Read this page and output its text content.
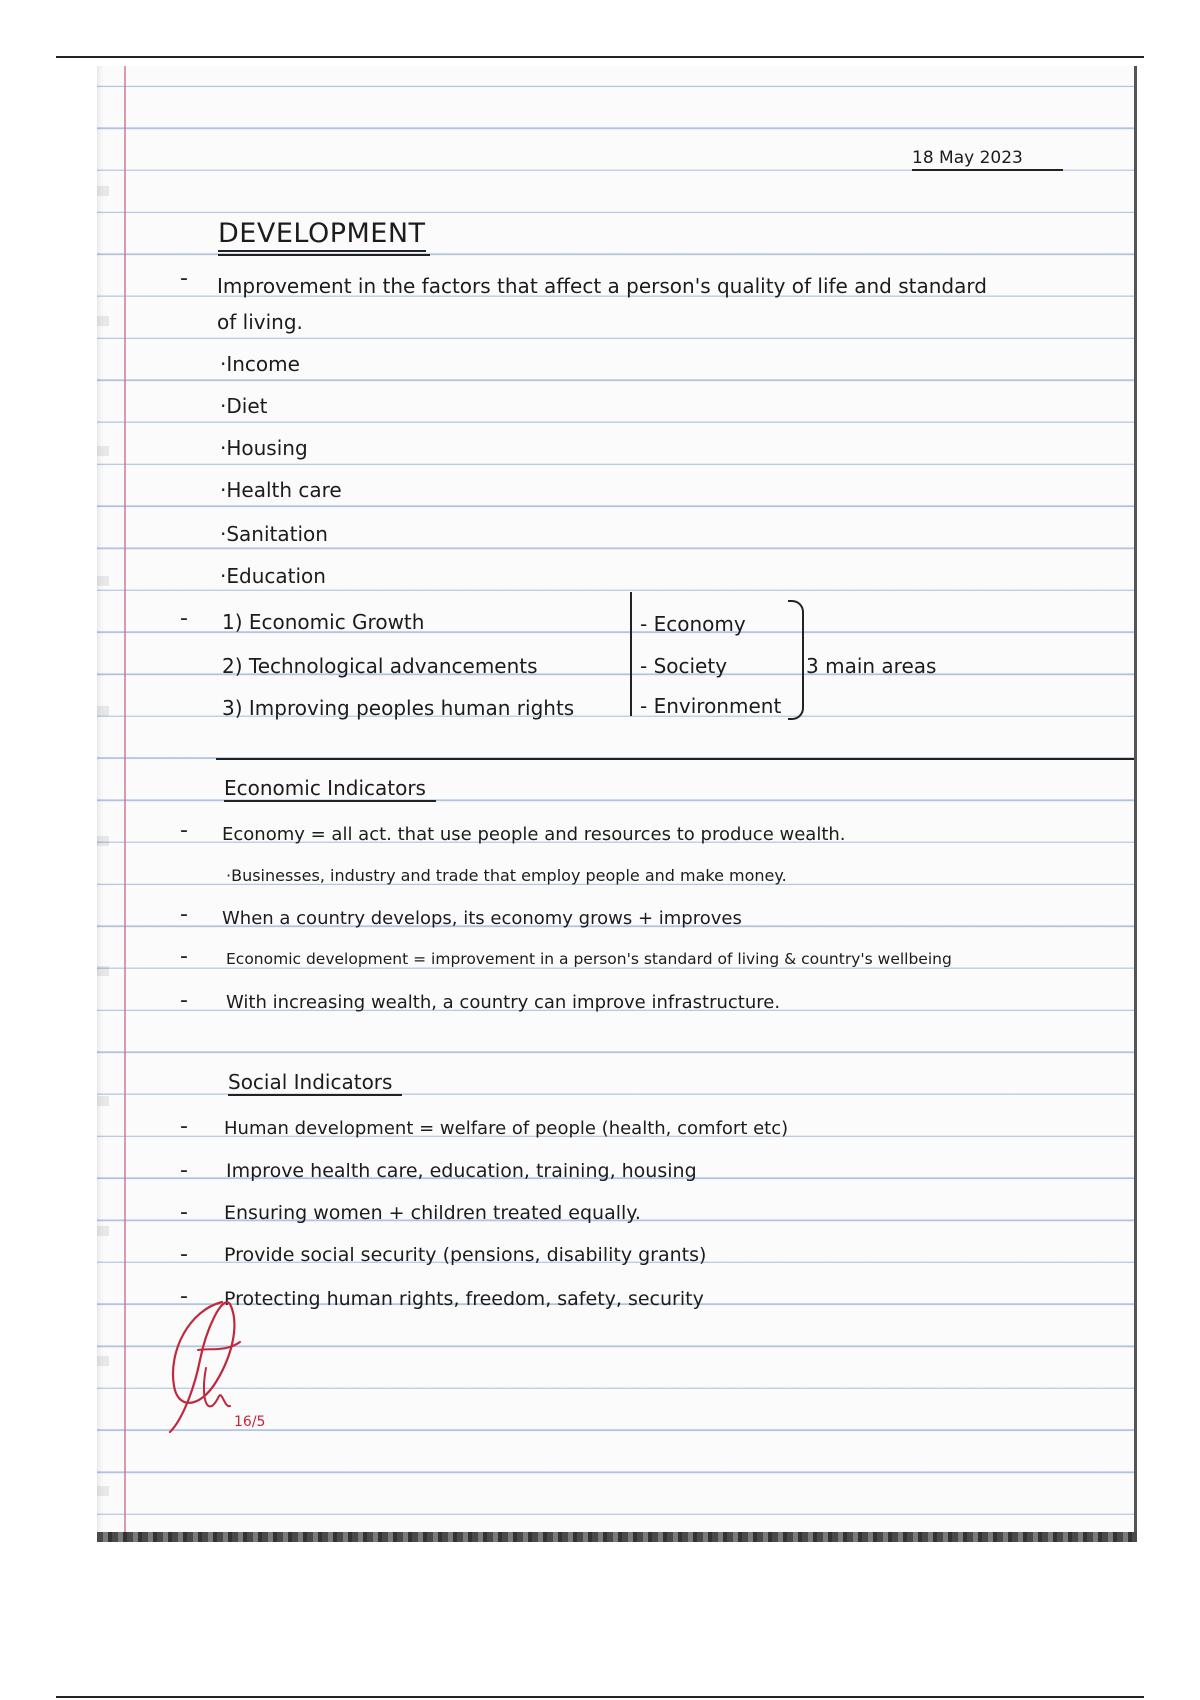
18 May 2023
DEVELOPMENT
- Improvement in the factors that affect a person's quality of life and standard
of living.
·Income
·Diet
·Housing
·Health care
·Sanitation
·Education
- 1) Economic Growth
2) Technological advancements
3) Improving peoples human rights
- Economy
- Society
- Environment
3 main areas
Economic Indicators
- Economy = all act. that use people and resources to produce wealth.
·Businesses, industry and trade that employ people and make money.
- When a country develops, its economy grows + improves
- Economic development = improvement in a person's standard of living & country's wellbeing
- With increasing wealth, a country can improve infrastructure.
Social Indicators
- Human development = welfare of people (health, comfort etc)
- Improve health care, education, training, housing
- Ensuring women + children treated equally.
- Provide social security (pensions, disability grants)
- Protecting human rights, freedom, safety, security
16/5
